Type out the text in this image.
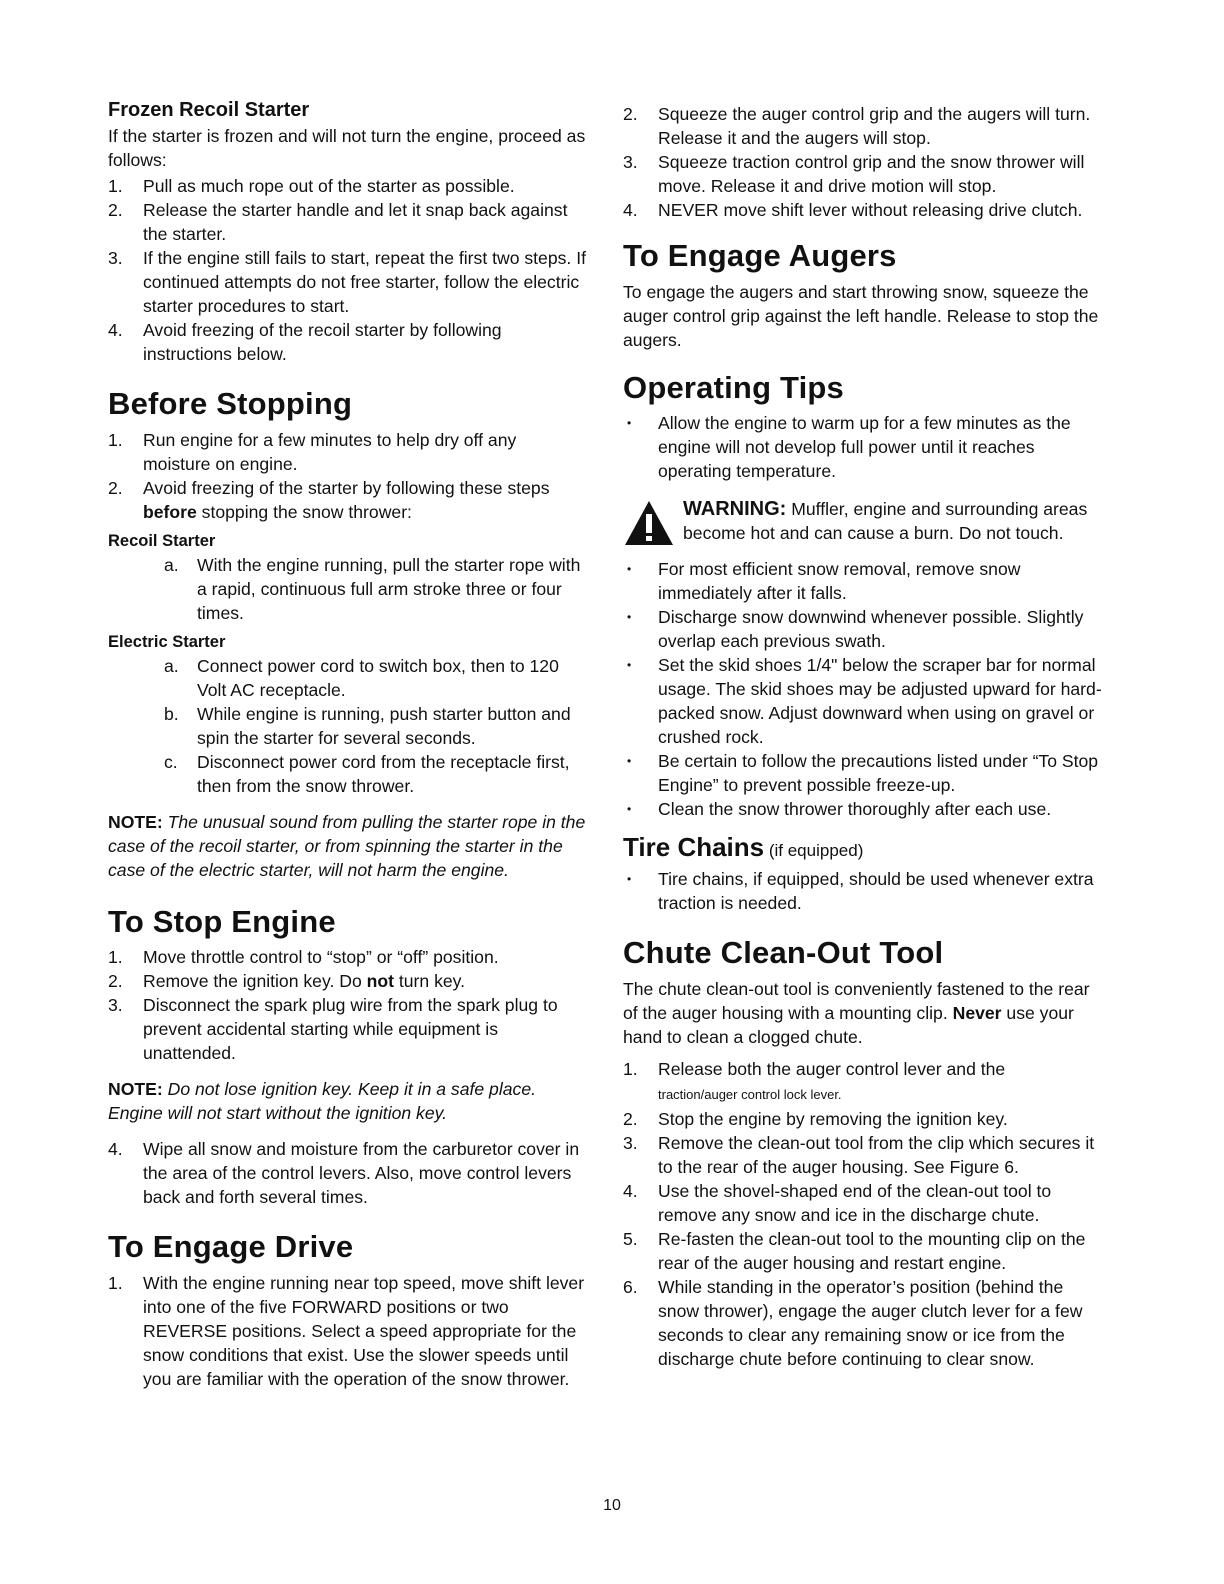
Frozen Recoil Starter
If the starter is frozen and will not turn the engine, proceed as follows:
1. Pull as much rope out of the starter as possible.
2. Release the starter handle and let it snap back against the starter.
3. If the engine still fails to start, repeat the first two steps. If continued attempts do not free starter, follow the electric starter procedures to start.
4. Avoid freezing of the recoil starter by following instructions below.
Before Stopping
1. Run engine for a few minutes to help dry off any moisture on engine.
2. Avoid freezing of the starter by following these steps before stopping the snow thrower:
Recoil Starter
a. With the engine running, pull the starter rope with a rapid, continuous full arm stroke three or four times.
Electric Starter
a. Connect power cord to switch box, then to 120 Volt AC receptacle.
b. While engine is running, push starter button and spin the starter for several seconds.
c. Disconnect power cord from the receptacle first, then from the snow thrower.
NOTE: The unusual sound from pulling the starter rope in the case of the recoil starter, or from spinning the starter in the case of the electric starter, will not harm the engine.
To Stop Engine
1. Move throttle control to “stop” or “off” position.
2. Remove the ignition key. Do not turn key.
3. Disconnect the spark plug wire from the spark plug to prevent accidental starting while equipment is unattended.
NOTE: Do not lose ignition key. Keep it in a safe place. Engine will not start without the ignition key.
4. Wipe all snow and moisture from the carburetor cover in the area of the control levers. Also, move control levers back and forth several times.
To Engage Drive
1. With the engine running near top speed, move shift lever into one of the five FORWARD positions or two REVERSE positions. Select a speed appropriate for the snow conditions that exist. Use the slower speeds until you are familiar with the operation of the snow thrower.
2. Squeeze the auger control grip and the augers will turn. Release it and the augers will stop.
3. Squeeze traction control grip and the snow thrower will move. Release it and drive motion will stop.
4. NEVER move shift lever without releasing drive clutch.
To Engage Augers
To engage the augers and start throwing snow, squeeze the auger control grip against the left handle. Release to stop the augers.
Operating Tips
• Allow the engine to warm up for a few minutes as the engine will not develop full power until it reaches operating temperature.
WARNING: Muffler, engine and surrounding areas become hot and can cause a burn. Do not touch.
• For most efficient snow removal, remove snow immediately after it falls.
• Discharge snow downwind whenever possible. Slightly overlap each previous swath.
• Set the skid shoes 1/4" below the scraper bar for normal usage. The skid shoes may be adjusted upward for hard-packed snow. Adjust downward when using on gravel or crushed rock.
• Be certain to follow the precautions listed under “To Stop Engine” to prevent possible freeze-up.
• Clean the snow thrower thoroughly after each use.
Tire Chains (if equipped)
• Tire chains, if equipped, should be used whenever extra traction is needed.
Chute Clean-Out Tool
The chute clean-out tool is conveniently fastened to the rear of the auger housing with a mounting clip. Never use your hand to clean a clogged chute.
1. Release both the auger control lever and the
traction/auger control lock lever.
2. Stop the engine by removing the ignition key.
3. Remove the clean-out tool from the clip which secures it to the rear of the auger housing. See Figure 6.
4. Use the shovel-shaped end of the clean-out tool to remove any snow and ice in the discharge chute.
5. Re-fasten the clean-out tool to the mounting clip on the rear of the auger housing and restart engine.
6. While standing in the operator’s position (behind the snow thrower), engage the auger clutch lever for a few seconds to clear any remaining snow or ice from the discharge chute before continuing to clear snow.
10
